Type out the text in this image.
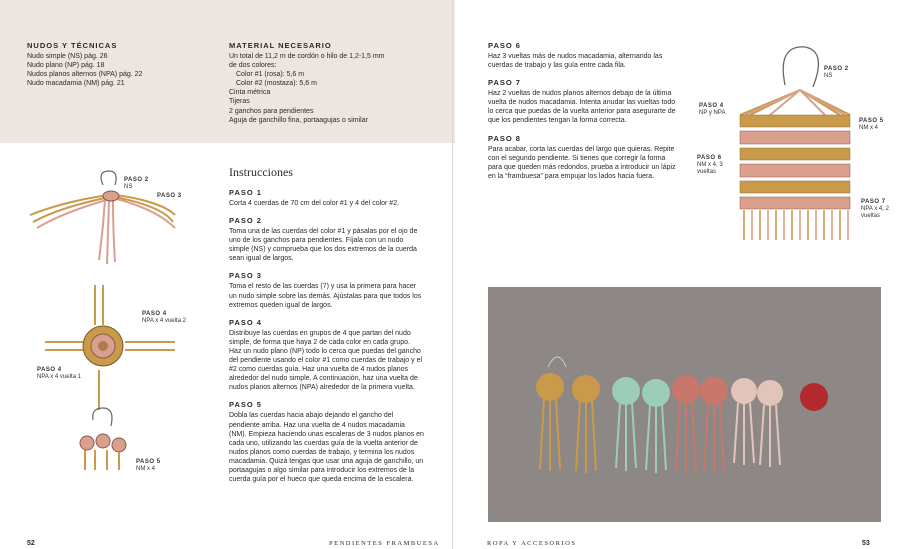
NUDOS Y TÉCNICAS

Nudo simple (NS) pág. 26

Nudo plano (NP) pág. 18

Nudos planos alternos (NPA) pág. 22

Nudo macadamia (NM) pág. 21

MATERIAL NECESARIO

Un total de 11,2 m de cordón o hilo de 1,2-1,5 mm

de dos colores:

Color #1 (rosa): 5,6 m

Color #2 (mostaza): 5,6 m

Cinta métrica

Tijeras

2 ganchos para pendientes

Aguja de ganchillo fina, portaagujas o similar

Instrucciones

PASO 1

Corta 4 cuerdas de 70 cm del color #1 y 4 del color #2.

PASO 2

Toma una de las cuerdas del color #1 y pásalas por el ojo de uno de los ganchos para pendientes. Fíjala con un nudo simple (NS) y comprueba que los dos extremos de la cuerda sean igual de largos.

PASO 3

Toma el resto de las cuerdas (7) y usa la primera para hacer un nudo simple sobre las demás. Ajústalas para que todos los extremos queden igual de largos.

PASO 4

Distribuye las cuerdas en grupos de 4 que partan del nudo simple, de forma que haya 2 de cada color en cada grupo. Haz un nudo plano (NP) todo lo cerca que puedas del gancho del pendiente usando el color #1 como cuerdas de trabajo y el #2 como cuerdas guía. Haz una vuelta de 4 nudos planos alrededor del nudo simple. A continuación, haz una vuelta de nudos planos alternos (NPA) alrededor de la primera vuelta.

PASO 5

Dobla las cuerdas hacia abajo dejando el gancho del pendiente arriba. Haz una vuelta de 4 nudos macadamia (NM). Empieza haciendo unas escaleras de 3 nudos planos en cada uno, utilizando las cuerdas guía de la vuelta anterior de nudos planos como cuerdas de trabajo, y termina los nudos macadamia. Quizá tengas que usar una aguja de ganchillo, un portaagujas o algo similar para introducir los extremos de la cuerda guía por el hueco que queda encima de la escalera.

PASO 2
NS
PASO 3
PASO 4
NPA x 4 vuelta 2
PASO 4
NPA x 4 vuelta 1
PASO 5
NM x 4
52	PENDIENTES FRAMBUESA

PASO 6

Haz 3 vueltas más de nudos macadamia, alternando las cuerdas de trabajo y las guía entre cada fila.

PASO 7

Haz 2 vueltas de nudos planos alternos debajo de la última vuelta de nudos macadamia. Intenta anudar las vueltas todo lo cerca que puedas de la vuelta anterior para asegurarte de que los pendientes tengan la forma correcta.

PASO 8

Para acabar, corta las cuerdas del largo que quieras. Repite con el segundo pendiente. Si tienes que corregir la forma para que queden más redondos, prueba a introducir un lápiz en la “frambuesa” para empujar los lados hacia fuera.

PASO 2
NS
PASO 4
NP y NPA
PASO 5
NM x 4
PASO 6
NM x 4, 3 vueltas
PASO 7
NPA x 4, 2 vueltas
ROPA Y ACCESORIOS	53
